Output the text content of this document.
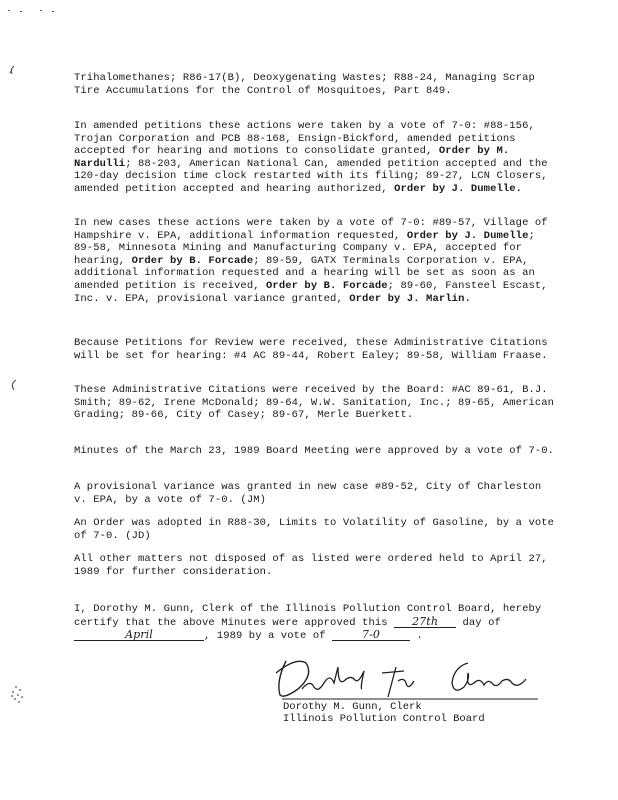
Trihalomethanes; R86-17(B), Deoxygenating Wastes; R88-24, Managing Scrap Tire Accumulations for the Control of Mosquitoes, Part 849.
In amended petitions these actions were taken by a vote of 7-0: #88-156, Trojan Corporation and PCB 88-168, Ensign-Bickford, amended petitions accepted for hearing and motions to consolidate granted, Order by M. Nardulli; 88-203, American National Can, amended petition accepted and the 120-day decision time clock restarted with its filing; 89-27, LCN Closers, amended petition accepted and hearing authorized, Order by J. Dumelle.
In new cases these actions were taken by a vote of 7-0: #89-57, Village of Hampshire v. EPA, additional information requested, Order by J. Dumelle; 89-58, Minnesota Mining and Manufacturing Company v. EPA, accepted for hearing, Order by B. Forcade; 89-59, GATX Terminals Corporation v. EPA, additional information requested and a hearing will be set as soon as an amended petition is received, Order by B. Forcade; 89-60, Fansteel Escast, Inc. v. EPA, provisional variance granted, Order by J. Marlin.
Because Petitions for Review were received, these Administrative Citations will be set for hearing: #4 AC 89-44, Robert Ealey; 89-58, William Fraase.
These Administrative Citations were received by the Board: #AC 89-61, B.J. Smith; 89-62, Irene McDonald; 89-64, W.W. Sanitation, Inc.; 89-65, American Grading; 89-66, City of Casey; 89-67, Merle Buerkett.
Minutes of the March 23, 1989 Board Meeting were approved by a vote of 7-0.
A provisional variance was granted in new case #89-52, City of Charleston v. EPA, by a vote of 7-0. (JM)
An Order was adopted in R88-30, Limits to Volatility of Gasoline, by a vote of 7-0. (JD)
All other matters not disposed of as listed were ordered held to April 27, 1989 for further consideration.
I, Dorothy M. Gunn, Clerk of the Illinois Pollution Control Board, hereby certify that the above Minutes were approved this 27th day of April	, 1989 by a vote of	7-0	.
Dorothy M. Gunn, Clerk
Illinois Pollution Control Board
